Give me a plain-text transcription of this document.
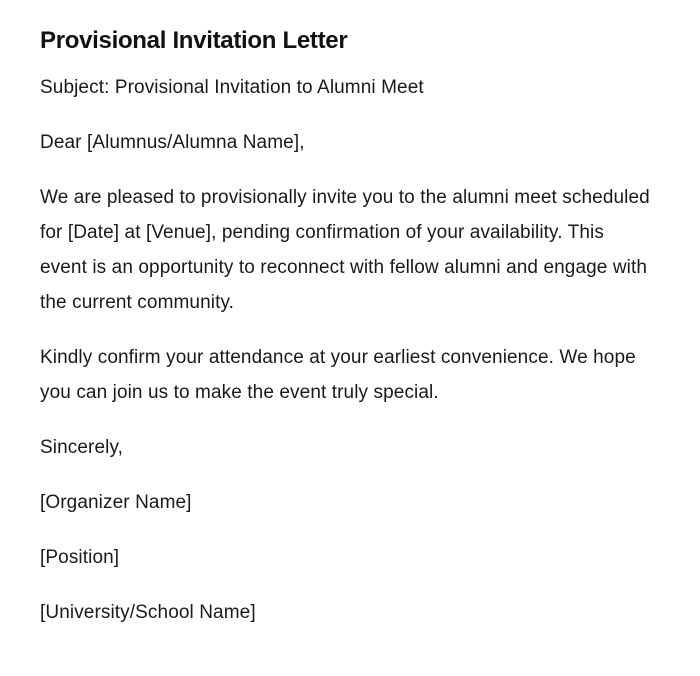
Provisional Invitation Letter

Subject: Provisional Invitation to Alumni Meet

Dear [Alumnus/Alumna Name],

We are pleased to provisionally invite you to the alumni meet scheduled for [Date] at [Venue], pending confirmation of your availability. This event is an opportunity to reconnect with fellow alumni and engage with the current community.

Kindly confirm your attendance at your earliest convenience. We hope you can join us to make the event truly special.

Sincerely,

[Organizer Name]

[Position]

[University/School Name]
